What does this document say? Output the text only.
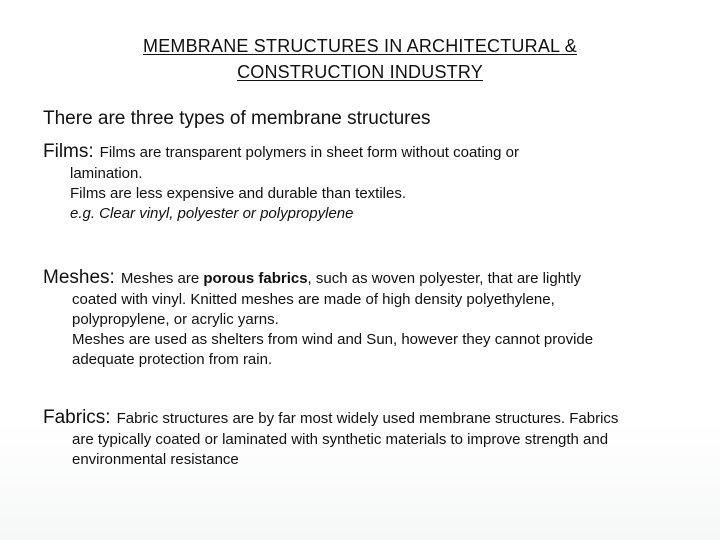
MEMBRANE STRUCTURES IN ARCHITECTURAL &
CONSTRUCTION INDUSTRY
There are three types of membrane structures
Films: Films are transparent polymers in sheet form without coating or
lamination.
Films are less expensive and durable than textiles.
e.g. Clear vinyl, polyester or polypropylene
Meshes: Meshes are porous fabrics, such as woven polyester, that are lightly
coated with vinyl. Knitted meshes are made of high density polyethylene,
polypropylene, or acrylic yarns.
Meshes are used as shelters from wind and Sun, however they cannot provide
adequate protection from rain.
Fabrics: Fabric structures are by far most widely used membrane structures. Fabrics
are typically coated or laminated with synthetic materials to improve strength and
environmental resistance
